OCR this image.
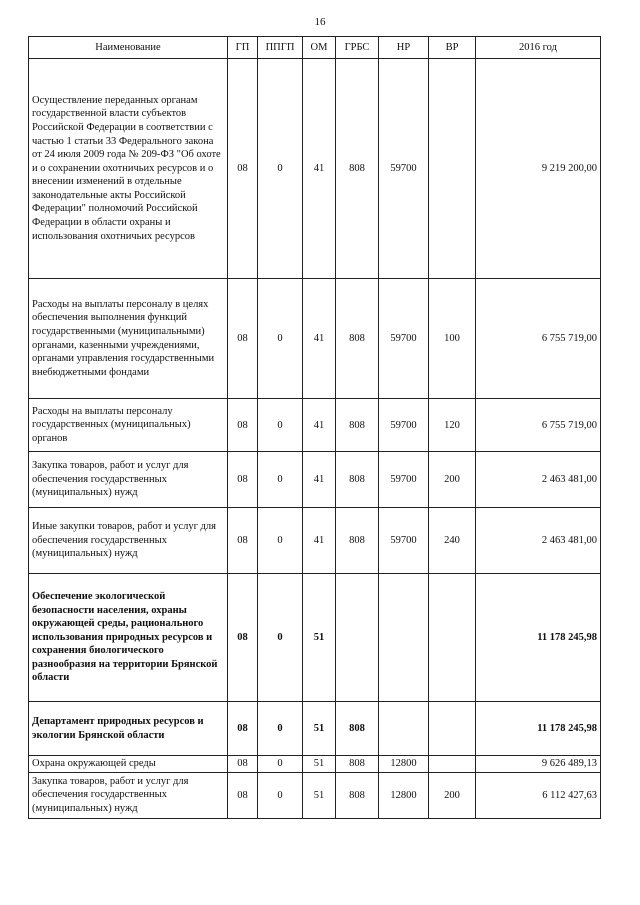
16
Наименование	ГП	ППГП	ОМ	ГРБС	НР	ВР	2016 год
Осуществление переданных органам государственной власти субъектов Российской Федерации в соответствии с частью 1 статьи 33 Федерального закона от 24 июля 2009 года № 209-ФЗ "Об охоте и о сохранении охотничьих ресурсов и о внесении изменений в отдельные законодательные акты Российской Федерации" полномочий Российской Федерации в области охраны и использования охотничьих ресурсов	08	0	41	808	59700		9 219 200,00
Расходы на выплаты персоналу в целях обеспечения выполнения функций государственными (муниципальными) органами, казенными учреждениями, органами управления государственными внебюджетными фондами	08	0	41	808	59700	100	6 755 719,00
Расходы на выплаты персоналу государственных (муниципальных) органов	08	0	41	808	59700	120	6 755 719,00
Закупка товаров, работ и услуг для обеспечения государственных (муниципальных) нужд	08	0	41	808	59700	200	2 463 481,00
Иные закупки товаров, работ и услуг для обеспечения государственных (муниципальных) нужд	08	0	41	808	59700	240	2 463 481,00
Обеспечение экологической безопасности населения, охраны окружающей среды, рационального использования природных ресурсов и сохранения биологического разнообразия на территории Брянской области	08	0	51				11 178 245,98
Департамент природных ресурсов и экологии Брянской области	08	0	51	808			11 178 245,98
Охрана окружающей среды	08	0	51	808	12800		9 626 489,13
Закупка товаров, работ и услуг для обеспечения государственных (муниципальных) нужд	08	0	51	808	12800	200	6 112 427,63
